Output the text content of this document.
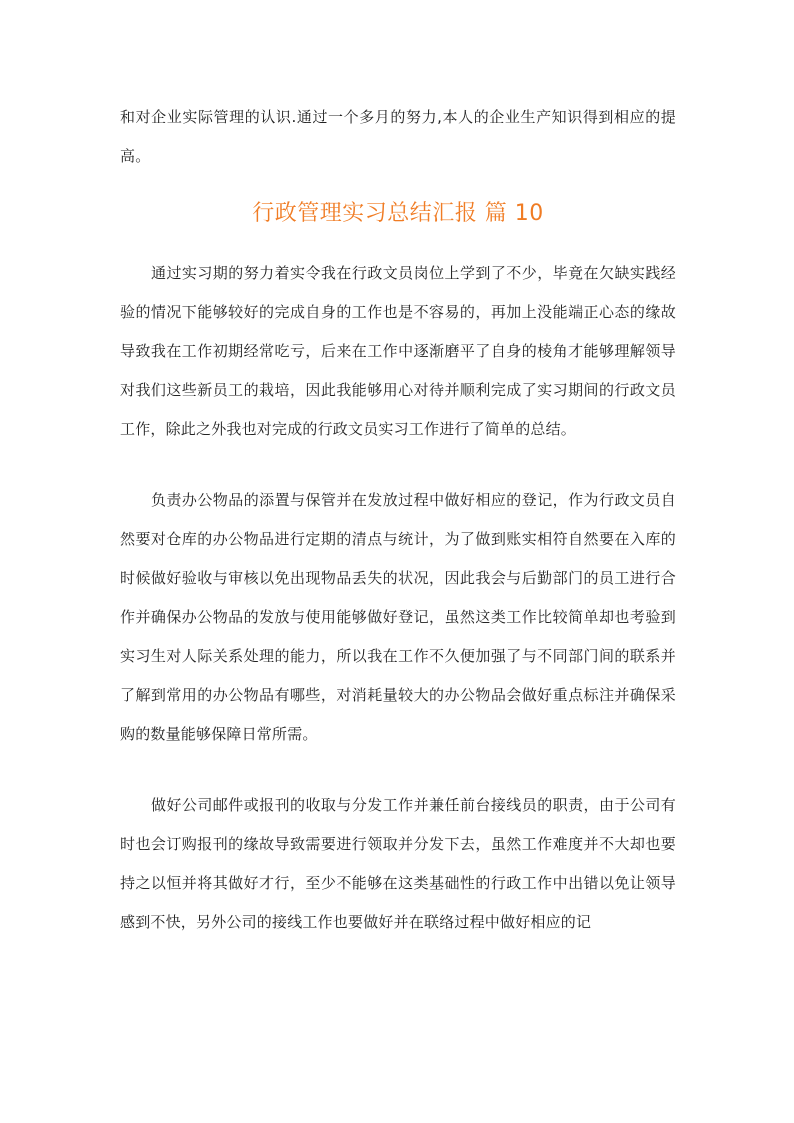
和对企业实际管理的认识.通过一个多月的努力,本人的企业生产知识得到相应的提高。

行政管理实习总结汇报 篇 10

通过实习期的努力着实令我在行政文员岗位上学到了不少，毕竟在欠缺实践经验的情况下能够较好的完成自身的工作也是不容易的，再加上没能端正心态的缘故导致我在工作初期经常吃亏，后来在工作中逐渐磨平了自身的棱角才能够理解领导对我们这些新员工的栽培，因此我能够用心对待并顺利完成了实习期间的行政文员工作，除此之外我也对完成的行政文员实习工作进行了简单的总结。

负责办公物品的添置与保管并在发放过程中做好相应的登记，作为行政文员自然要对仓库的办公物品进行定期的清点与统计，为了做到账实相符自然要在入库的时候做好验收与审核以免出现物品丢失的状况，因此我会与后勤部门的员工进行合作并确保办公物品的发放与使用能够做好登记，虽然这类工作比较简单却也考验到实习生对人际关系处理的能力，所以我在工作不久便加强了与不同部门间的联系并了解到常用的办公物品有哪些，对消耗量较大的办公物品会做好重点标注并确保采购的数量能够保障日常所需。

做好公司邮件或报刊的收取与分发工作并兼任前台接线员的职责，由于公司有时也会订购报刊的缘故导致需要进行领取并分发下去，虽然工作难度并不大却也要持之以恒并将其做好才行，至少不能够在这类基础性的行政工作中出错以免让领导感到不快，另外公司的接线工作也要做好并在联络过程中做好相应的记
